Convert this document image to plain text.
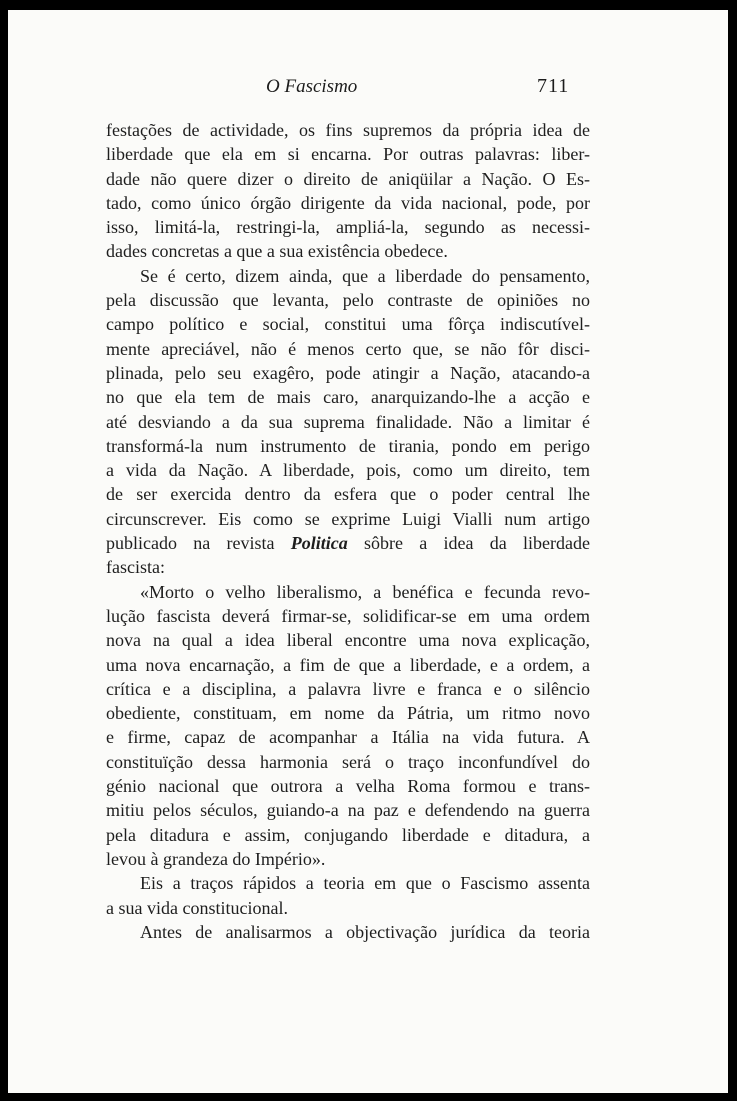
O Fascismo	711
festações de actividade, os fins supremos da própria idea de
liberdade que ela em si encarna. Por outras palavras: liber-
dade não quere dizer o direito de aniqüilar a Nação. O Es-
tado, como único órgão dirigente da vida nacional, pode, por
isso, limitá-la, restringi-la, ampliá-la, segundo as necessi-
dades concretas a que a sua existência obedece.
Se é certo, dizem ainda, que a liberdade do pensamento,
pela discussão que levanta, pelo contraste de opiniões no
campo político e social, constitui uma fôrça indiscutível-
mente apreciável, não é menos certo que, se não fôr disci-
plinada, pelo seu exagêro, pode atingir a Nação, atacando-a
no que ela tem de mais caro, anarquizando-lhe a acção e
até desviando a da sua suprema finalidade. Não a limitar é
transformá-la num instrumento de tirania, pondo em perigo
a vida da Nação. A liberdade, pois, como um direito, tem
de ser exercida dentro da esfera que o poder central lhe
circunscrever. Eis como se exprime Luigi Vialli num artigo
publicado na revista Politica sôbre a idea da liberdade
fascista:
«Morto o velho liberalismo, a benéfica e fecunda revo-
lução fascista deverá firmar-se, solidificar-se em uma ordem
nova na qual a idea liberal encontre uma nova explicação,
uma nova encarnação, a fim de que a liberdade, e a ordem, a
crítica e a disciplina, a palavra livre e franca e o silêncio
obediente, constituam, em nome da Pátria, um ritmo novo
e firme, capaz de acompanhar a Itália na vida futura. A
constituïção dessa harmonia será o traço inconfundível do
génio nacional que outrora a velha Roma formou e trans-
mitiu pelos séculos, guiando-a na paz e defendendo na guerra
pela ditadura e assim, conjugando liberdade e ditadura, a
levou à grandeza do Império».
Eis a traços rápidos a teoria em que o Fascismo assenta
a sua vida constitucional.
Antes de analisarmos a objectivação jurídica da teoria
